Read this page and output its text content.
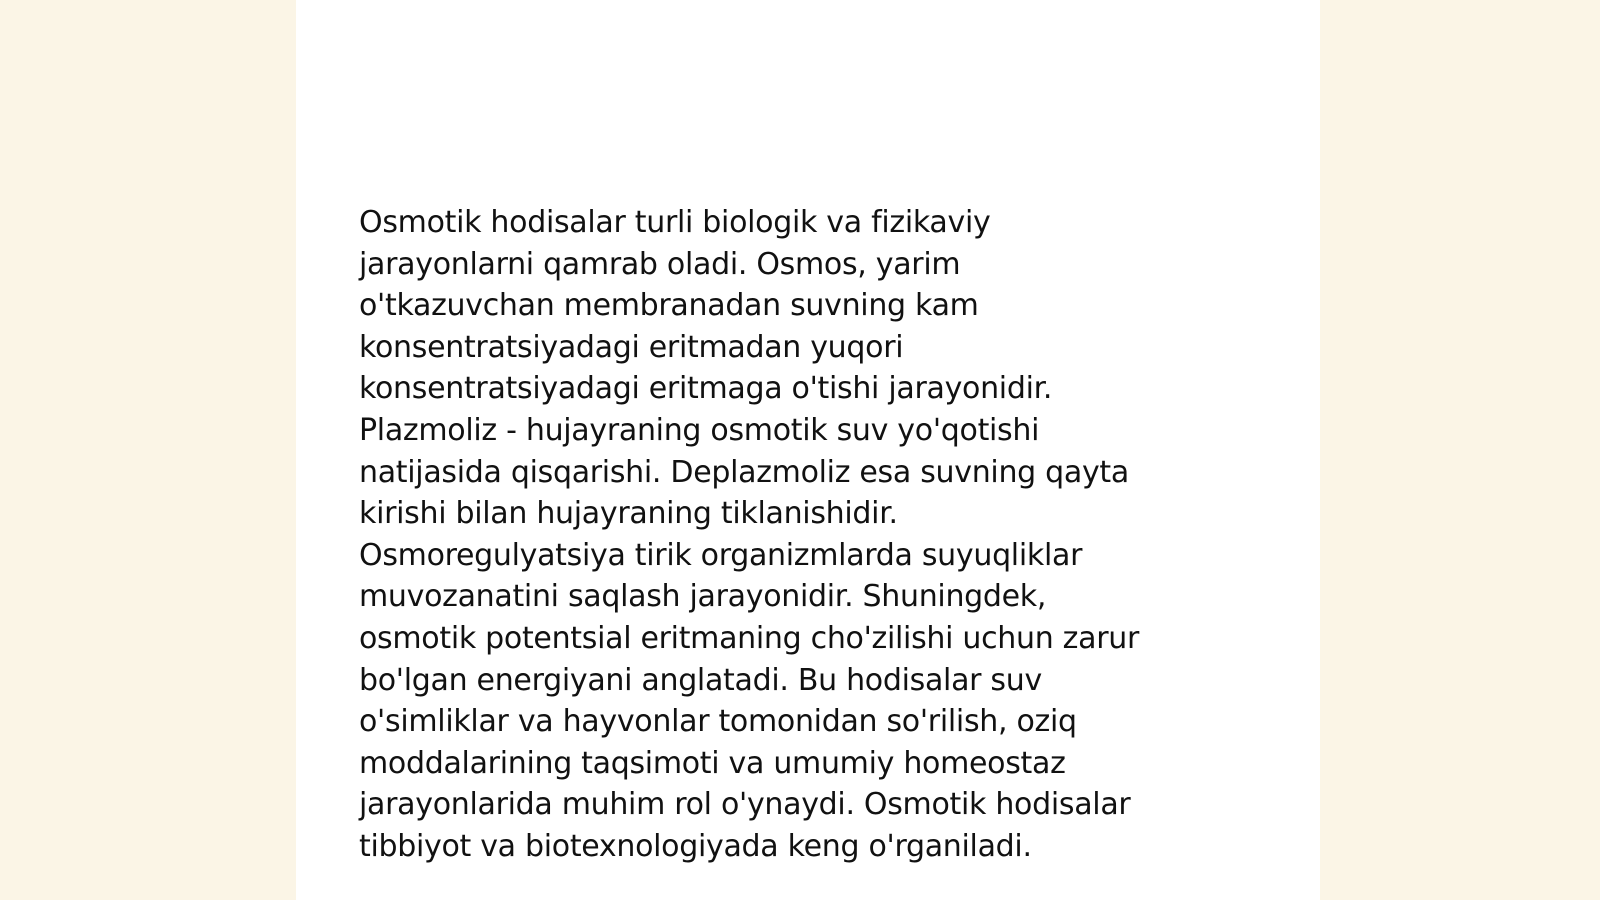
Osmotik hodisalar turli biologik va fizikaviy
jarayonlarni qamrab oladi. Osmos, yarim
o'tkazuvchan membranadan suvning kam
konsentratsiyadagi eritmadan yuqori
konsentratsiyadagi eritmaga o'tishi jarayonidir.
Plazmoliz - hujayraning osmotik suv yo'qotishi
natijasida qisqarishi. Deplazmoliz esa suvning qayta
kirishi bilan hujayraning tiklanishidir.
Osmoregulyatsiya tirik organizmlarda suyuqliklar
muvozanatini saqlash jarayonidir. Shuningdek,
osmotik potentsial eritmaning cho'zilishi uchun zarur
bo'lgan energiyani anglatadi. Bu hodisalar suv
o'simliklar va hayvonlar tomonidan so'rilish, oziq
moddalarining taqsimoti va umumiy homeostaz
jarayonlarida muhim rol o'ynaydi. Osmotik hodisalar
tibbiyot va biotexnologiyada keng o'rganiladi.
